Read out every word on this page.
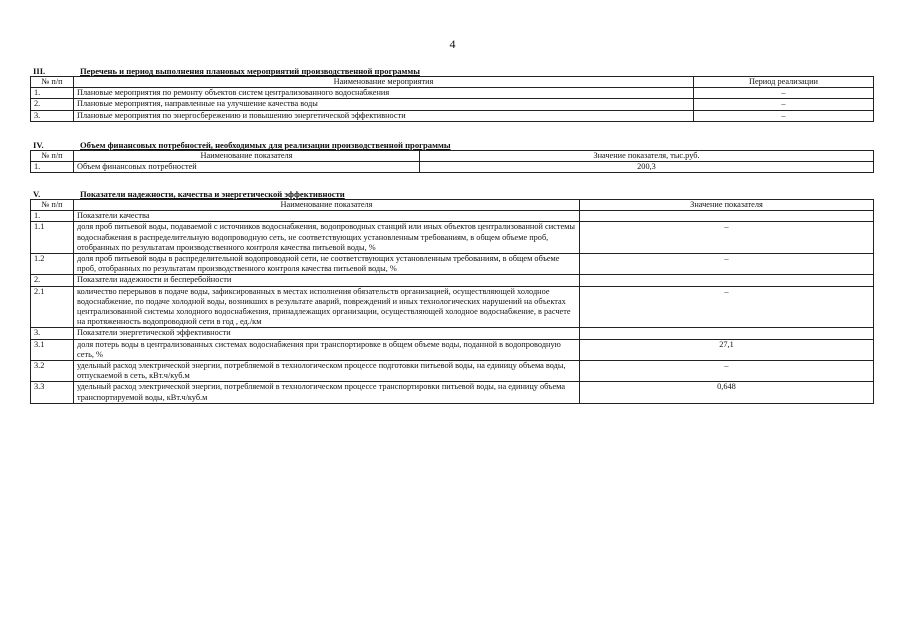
4
III.	Перечень и период выполнения плановых мероприятий производственной программы
№ п/п	Наименование мероприятия	Период реализации
1.	Плановые мероприятия по ремонту объектов систем централизованного водоснабжения	–
2.	Плановые мероприятия, направленные на улучшение качества воды	–
3.	Плановые мероприятия по энергосбережению и повышению энергетической эффективности	–
IV.	Объем финансовых потребностей, необходимых для реализации производственной программы
№ п/п	Наименование показателя	Значение показателя, тыс.руб.
1.	Объем финансовых потребностей	200,3
V.	Показатели надежности, качества и энергетической эффективности
№ п/п	Наименование показателя	Значение показателя
1.	Показатели качества	
1.1	доля проб питьевой воды, подаваемой с источников водоснабжения, водопроводных станций или иных объектов централизованной системы водоснабжения в распределительную водопроводную сеть, не соответствующих установленным требованиям, в общем объеме проб, отобранных по результатам производственного контроля качества питьевой воды, %	–
1.2	доля проб питьевой воды в распределительной водопроводной сети, не соответствующих установленным требованиям, в общем объеме проб, отобранных по результатам производственного контроля качества питьевой воды, %	–
2.	Показатели надежности и бесперебойности	
2.1	количество перерывов в подаче воды, зафиксированных в местах исполнения обязательств организацией, осуществляющей холодное водоснабжение, по подаче холодной воды, возникших в результате аварий, повреждений и иных технологических нарушений на объектах централизованной системы холодного водоснабжения, принадлежащих организации, осуществляющей холодное водоснабжение, в расчете на протяженность водопроводной сети в год , ед./км	–
3.	Показатели энергетической эффективности	
3.1	доля потерь воды в централизованных системах водоснабжения при транспортировке в общем объеме воды, поданной в водопроводную сеть, %	27,1
3.2	удельный расход электрической энергии, потребляемой в технологическом процессе подготовки питьевой воды, на единицу объема воды, отпускаемой в сеть, кВт.ч/куб.м	–
3.3	удельный расход электрической энергии, потребляемой в технологическом процессе транспортировки питьевой воды, на единицу объема транспортируемой воды, кВт.ч/куб.м	0,648
